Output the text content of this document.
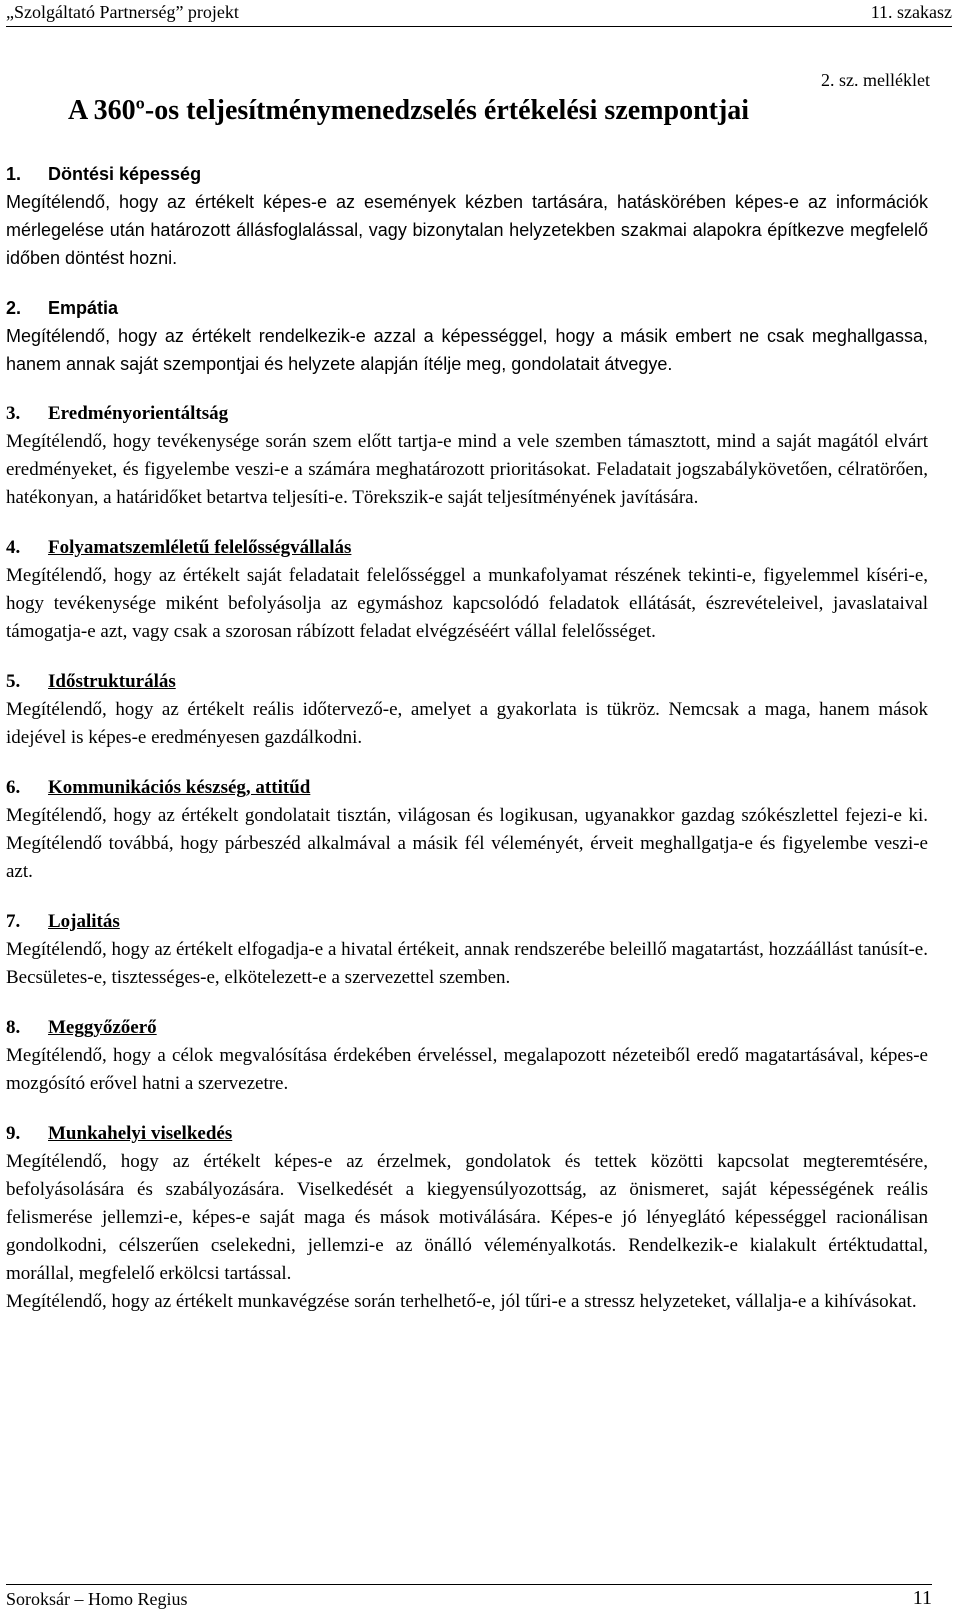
„Szolgáltató Partnerség” projekt	11. szakasz
2. sz. melléklet
A 360º-os teljesítménymenedzselés értékelési szempontjai
1. Döntési képesség

Megítélendő, hogy az értékelt képes-e az események kézben tartására, hatáskörében képes-e az információk mérlegelése után határozott állásfoglalással, vagy bizonytalan helyzetekben szakmai alapokra építkezve megfelelő időben döntést hozni.

2. Empátia

Megítélendő, hogy az értékelt rendelkezik-e azzal a képességgel, hogy a másik embert ne csak meghallgassa, hanem annak saját szempontjai és helyzete alapján ítélje meg, gondolatait átvegye.

3. Eredményorientáltság

Megítélendő, hogy tevékenysége során szem előtt tartja-e mind a vele szemben támasztott, mind a saját magától elvárt eredményeket, és figyelembe veszi-e a számára meghatározott prioritásokat. Feladatait jogszabálykövetően, célratörően, hatékonyan, a határidőket betartva teljesíti-e. Törekszik-e saját teljesítményének javítására.

4. Folyamatszemléletű felelősségvállalás

Megítélendő, hogy az értékelt saját feladatait felelősséggel a munkafolyamat részének tekinti-e, figyelemmel kíséri-e, hogy tevékenysége miként befolyásolja az egymáshoz kapcsolódó feladatok ellátását, észrevételeivel, javaslataival támogatja-e azt, vagy csak a szorosan rábízott feladat elvégzéséért vállal felelősséget.

5. Időstrukturálás

Megítélendő, hogy az értékelt reális időtervező-e, amelyet a gyakorlata is tükröz. Nemcsak a maga, hanem mások idejével is képes-e eredményesen gazdálkodni.

6. Kommunikációs készség, attitűd

Megítélendő, hogy az értékelt gondolatait tisztán, világosan és logikusan, ugyanakkor gazdag szókészlettel fejezi-e ki. Megítélendő továbbá, hogy párbeszéd alkalmával a másik fél véleményét, érveit meghallgatja-e és figyelembe veszi-e azt.

7. Lojalitás

Megítélendő, hogy az értékelt elfogadja-e a hivatal értékeit, annak rendszerébe beleillő magatartást, hozzáállást tanúsít-e. Becsületes-e, tisztességes-e, elkötelezett-e a szervezettel szemben.

8. Meggyőzőerő

Megítélendő, hogy a célok megvalósítása érdekében érveléssel, megalapozott nézeteiből eredő magatartásával, képes-e mozgósító erővel hatni a szervezetre.

9. Munkahelyi viselkedés

Megítélendő, hogy az értékelt képes-e az érzelmek, gondolatok és tettek közötti kapcsolat megteremtésére, befolyásolására és szabályozására. Viselkedését a kiegyensúlyozottság, az önismeret, saját képességének reális felismerése jellemzi-e, képes-e saját maga és mások motiválására. Képes-e jó lényeglátó képességgel racionálisan gondolkodni, célszerűen cselekedni, jellemzi-e az önálló véleményalkotás. Rendelkezik-e kialakult értéktudattal, morállal, megfelelő erkölcsi tartással.

Megítélendő, hogy az értékelt munkavégzése során terhelhető-e, jól tűri-e a stressz helyzeteket, vállalja-e a kihívásokat.

Soroksár – Homo Regius	11
